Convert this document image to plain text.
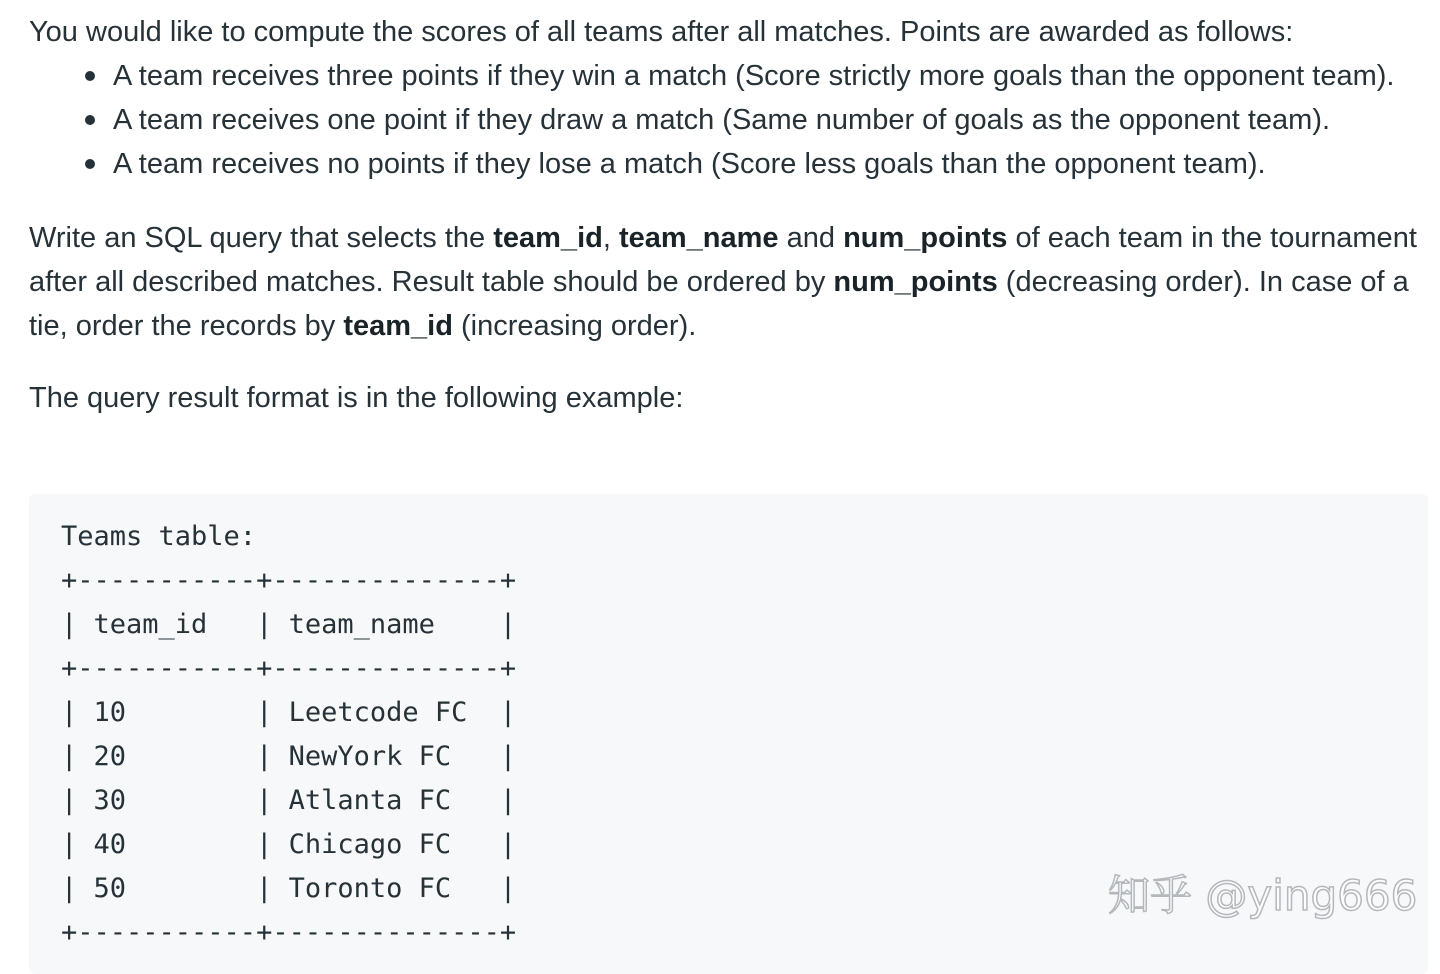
You would like to compute the scores of all teams after all matches. Points are awarded as follows:

A team receives three points if they win a match (Score strictly more goals than the opponent team).
A team receives one point if they draw a match (Same number of goals as the opponent team).
A team receives no points if they lose a match (Score less goals than the opponent team).

Write an SQL query that selects the team_id, team_name and num_points of each team in the tournament after all described matches. Result table should be ordered by num_points (decreasing order). In case of a tie, order the records by team_id (increasing order).

The query result format is in the following example:

Teams table:
+-----------+--------------+
| team_id   | team_name    |
+-----------+--------------+
| 10        | Leetcode FC  |
| 20        | NewYork FC   |
| 30        | Atlanta FC   |
| 40        | Chicago FC   |
| 50        | Toronto FC   |
+-----------+--------------+
知乎 @ying666
